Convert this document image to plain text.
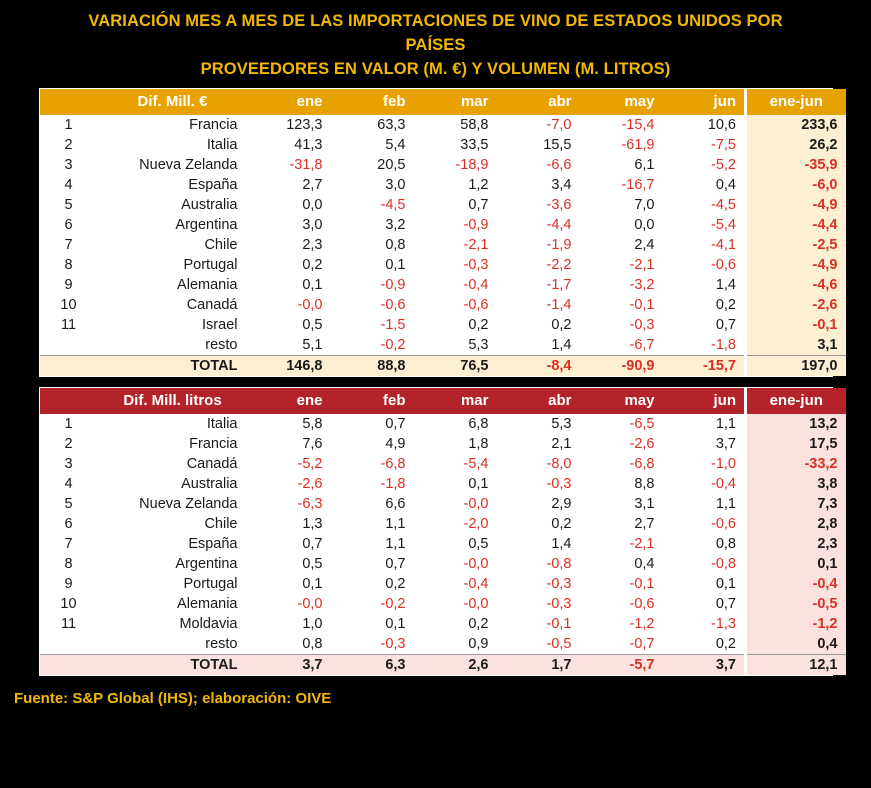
VARIACIÓN MES A MES DE LAS IMPORTACIONES DE VINO DE ESTADOS UNIDOS POR PAÍSES
PROVEEDORES EN VALOR (M. €) Y VOLUMEN (M. LITROS)
	Dif. Mill. €	ene	feb	mar	abr	may	jun	ene-jun
1	Francia	123,3	63,3	58,8	-7,0	-15,4	10,6	233,6
2	Italia	41,3	5,4	33,5	15,5	-61,9	-7,5	26,2
3	Nueva Zelanda	-31,8	20,5	-18,9	-6,6	6,1	-5,2	-35,9
4	España	2,7	3,0	1,2	3,4	-16,7	0,4	-6,0
5	Australia	0,0	-4,5	0,7	-3,6	7,0	-4,5	-4,9
6	Argentina	3,0	3,2	-0,9	-4,4	0,0	-5,4	-4,4
7	Chile	2,3	0,8	-2,1	-1,9	2,4	-4,1	-2,5
8	Portugal	0,2	0,1	-0,3	-2,2	-2,1	-0,6	-4,9
9	Alemania	0,1	-0,9	-0,4	-1,7	-3,2	1,4	-4,6
10	Canadá	-0,0	-0,6	-0,6	-1,4	-0,1	0,2	-2,6
11	Israel	0,5	-1,5	0,2	0,2	-0,3	0,7	-0,1
	resto	5,1	-0,2	5,3	1,4	-6,7	-1,8	3,1
	TOTAL	146,8	88,8	76,5	-8,4	-90,9	-15,7	197,0
	Dif. Mill. litros	ene	feb	mar	abr	may	jun	ene-jun
1	Italia	5,8	0,7	6,8	5,3	-6,5	1,1	13,2
2	Francia	7,6	4,9	1,8	2,1	-2,6	3,7	17,5
3	Canadá	-5,2	-6,8	-5,4	-8,0	-6,8	-1,0	-33,2
4	Australia	-2,6	-1,8	0,1	-0,3	8,8	-0,4	3,8
5	Nueva Zelanda	-6,3	6,6	-0,0	2,9	3,1	1,1	7,3
6	Chile	1,3	1,1	-2,0	0,2	2,7	-0,6	2,8
7	España	0,7	1,1	0,5	1,4	-2,1	0,8	2,3
8	Argentina	0,5	0,7	-0,0	-0,8	0,4	-0,8	0,1
9	Portugal	0,1	0,2	-0,4	-0,3	-0,1	0,1	-0,4
10	Alemania	-0,0	-0,2	-0,0	-0,3	-0,6	0,7	-0,5
11	Moldavia	1,0	0,1	0,2	-0,1	-1,2	-1,3	-1,2
	resto	0,8	-0,3	0,9	-0,5	-0,7	0,2	0,4
	TOTAL	3,7	6,3	2,6	1,7	-5,7	3,7	12,1
Fuente: S&P Global (IHS); elaboración: OIVE
